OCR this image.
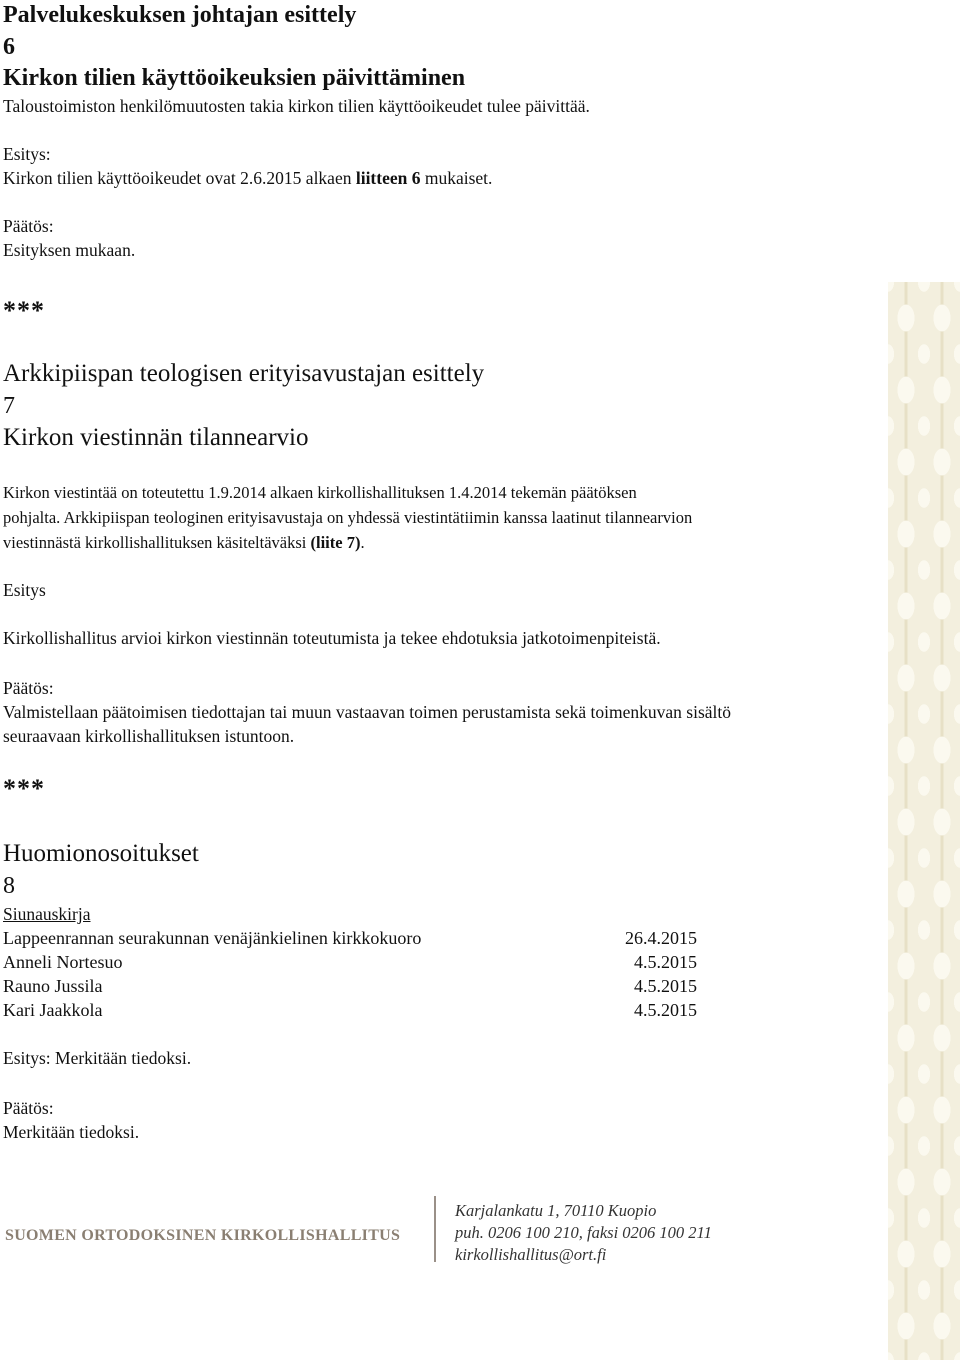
Palvelukeskuksen johtajan esittely

6

Kirkon tilien käyttöoikeuksien päivittäminen

Taloustoimiston henkilömuutosten takia kirkon tilien käyttöoikeudet tulee päivittää.

Esitys:

Kirkon tilien käyttöoikeudet ovat 2.6.2015 alkaen liitteen 6 mukaiset.

Päätös:

Esityksen mukaan.

***

Arkkipiispan teologisen erityisavustajan esittely

7

Kirkon viestinnän tilannearvio

Kirkon viestintää on toteutettu 1.9.2014 alkaen kirkollishallituksen 1.4.2014 tekemän päätöksen

pohjalta. Arkkipiispan teologinen erityisavustaja on yhdessä viestintätiimin kanssa laatinut tilannearvion

viestinnästä kirkollishallituksen käsiteltäväksi (liite 7).

Esitys

Kirkollishallitus arvioi kirkon viestinnän toteutumista ja tekee ehdotuksia jatkotoimenpiteistä.

Päätös:

Valmistellaan päätoimisen tiedottajan tai muun vastaavan toimen perustamista sekä toimenkuvan sisältö

seuraavaan kirkollishallituksen istuntoon.

***

Huomionosoitukset

8

Siunauskirja

Lappeenrannan seurakunnan venäjänkielinen kirkkokuoro	26.4.2015
Anneli Nortesuo	4.5.2015
Rauno Jussila	4.5.2015
Kari Jaakkola	4.5.2015

Esitys: Merkitään tiedoksi.

Päätös:

Merkitään tiedoksi.

SUOMEN ORTODOKSINEN KIRKOLLISHALLITUS
Karjalankatu 1, 70110 Kuopio
puh. 0206 100 210, faksi 0206 100 211
kirkollishallitus@ort.fi
